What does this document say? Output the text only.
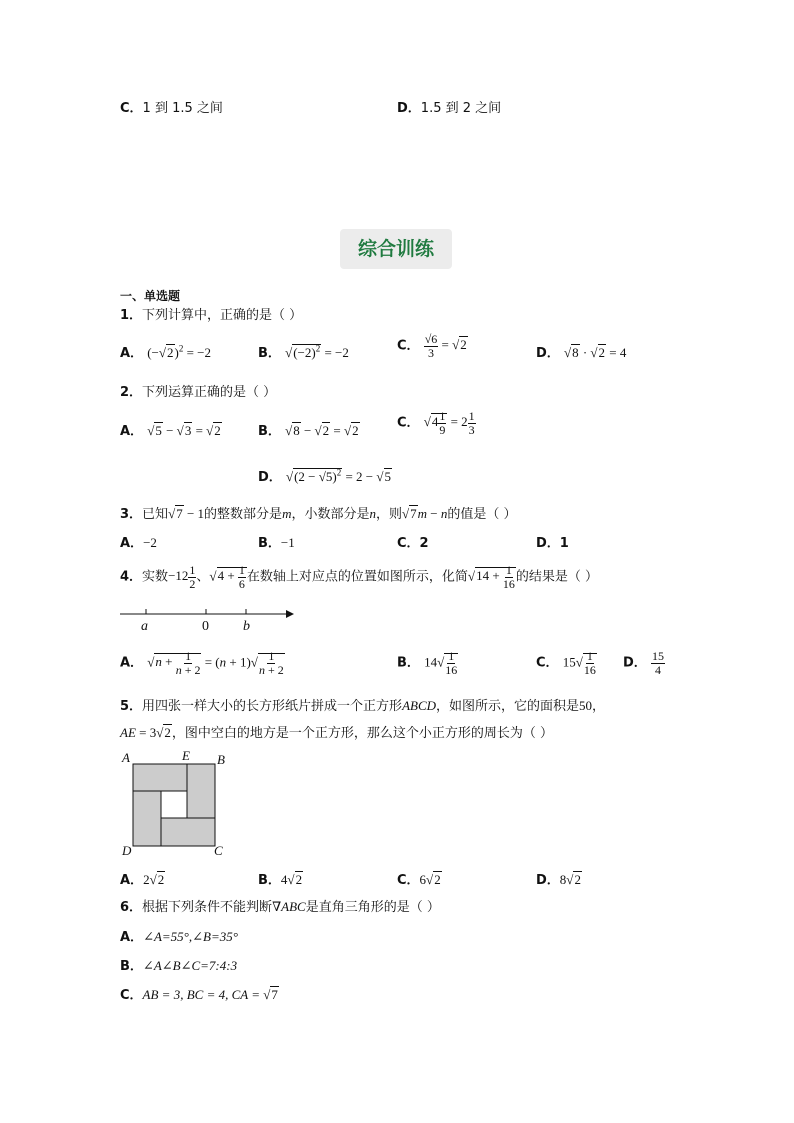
C．1 到 1.5 之间	D．1.5 到 2 之间
综合训练
一、单选题
1．下列计算中，正确的是（ ）
A． $(-√2)^2 = -2$	B． $√(-2)^2 = -2$	C． $\frac{√6}{3} = √2$
D． √8 · √2 = 4
2．下列运算正确的是（ ）
A． √5 − √3 = √2	B． √8 − √2 = √2
C． $√4 \frac{1}{9} = 2 \frac{1}{3}$
D． $√(2 - √5)^2 = 2 - √5$
3．已知√7 − 1的整数部分是m，小数部分是n，则√7m − n的值是（ ）
A．−2	B．−1	C．2	D．1
4．实数$-12 \frac{1}{2}$ 、$√4 + \frac{1}{6}$ 在数轴上对应点的位置如图所示，化简$√14 + \frac{1}{16}$ 的结果是（ ）
a	0 b
A． $√n + \frac{1}{n + 2} = (n + 1)√ \frac{1}{n + 2}$	B． $14√ \frac{1}{16}$	C． $15√ \frac{1}{16}$ D． $\frac{15}{4}$
5．用四张一样大小的长方形纸片拼成一个正方形ABCD，如图所示，它的面积是50，
AE = 3√2，图中空白的地方是一个正方形，那么这个小正方形的周长为（ ）
A	E B
D	C
A．2√2	B．4√2	C．6√2	D．8√2
6．根据下列条件不能判断∇ABC是直角三角形的是（ ）
A．∠A=55°,∠B=35°
B．∠A∠B∠C=7:4:3
C．AB = 3, BC = 4, CA = √7
